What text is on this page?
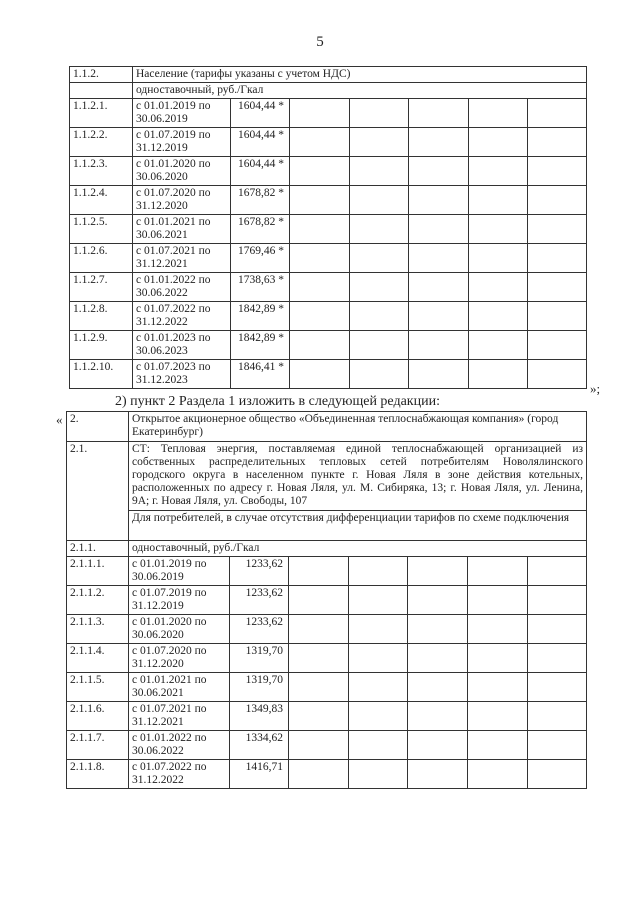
5
1.1.2.	Население (тарифы указаны с учетом НДС)						
	одноставочный, руб./Гкал						
1.1.2.1.	с 01.01.2019 по 30.06.2019	1604,44 *					
1.1.2.2.	с 01.07.2019 по 31.12.2019	1604,44 *					
1.1.2.3.	с 01.01.2020 по 30.06.2020	1604,44 *					
1.1.2.4.	с 01.07.2020 по 31.12.2020	1678,82 *					
1.1.2.5.	с 01.01.2021 по 30.06.2021	1678,82 *					
1.1.2.6.	с 01.07.2021 по 31.12.2021	1769,46 *					
1.1.2.7.	с 01.01.2022 по 30.06.2022	1738,63 *					
1.1.2.8.	с 01.07.2022 по 31.12.2022	1842,89 *					
1.1.2.9.	с 01.01.2023 по 30.06.2023	1842,89 *					
1.1.2.10.	с 01.07.2023 по 31.12.2023	1846,41 *					
»;
2) пункт 2 Раздела 1 изложить в следующей редакции:
« 2.	Открытое акционерное общество «Объединенная теплоснабжающая компания» (город Екатеринбург)						
2.1.	СТ: Тепловая энергия, поставляемая единой теплоснабжающей организацией из собственных распределительных тепловых сетей потребителям Новолялинского городского округа в населенном пункте г. Новая Ляля в зоне действия котельных, расположенных по адресу г. Новая Ляля, ул. М. Сибиряка, 13; г. Новая Ляля, ул. Ленина, 9А; г. Новая Ляля, ул. Свободы, 107						
	Для потребителей, в случае отсутствия дифференциации тарифов по схеме подключения						
2.1.1.	одноставочный, руб./Гкал						
2.1.1.1.	с 01.01.2019 по 30.06.2019	1233,62					
2.1.1.2.	с 01.07.2019 по 31.12.2019	1233,62					
2.1.1.3.	с 01.01.2020 по 30.06.2020	1233,62					
2.1.1.4.	с 01.07.2020 по 31.12.2020	1319,70					
2.1.1.5.	с 01.01.2021 по 30.06.2021	1319,70					
2.1.1.6.	с 01.07.2021 по 31.12.2021	1349,83					
2.1.1.7.	с 01.01.2022 по 30.06.2022	1334,62					
2.1.1.8.	с 01.07.2022 по 31.12.2022	1416,71					
